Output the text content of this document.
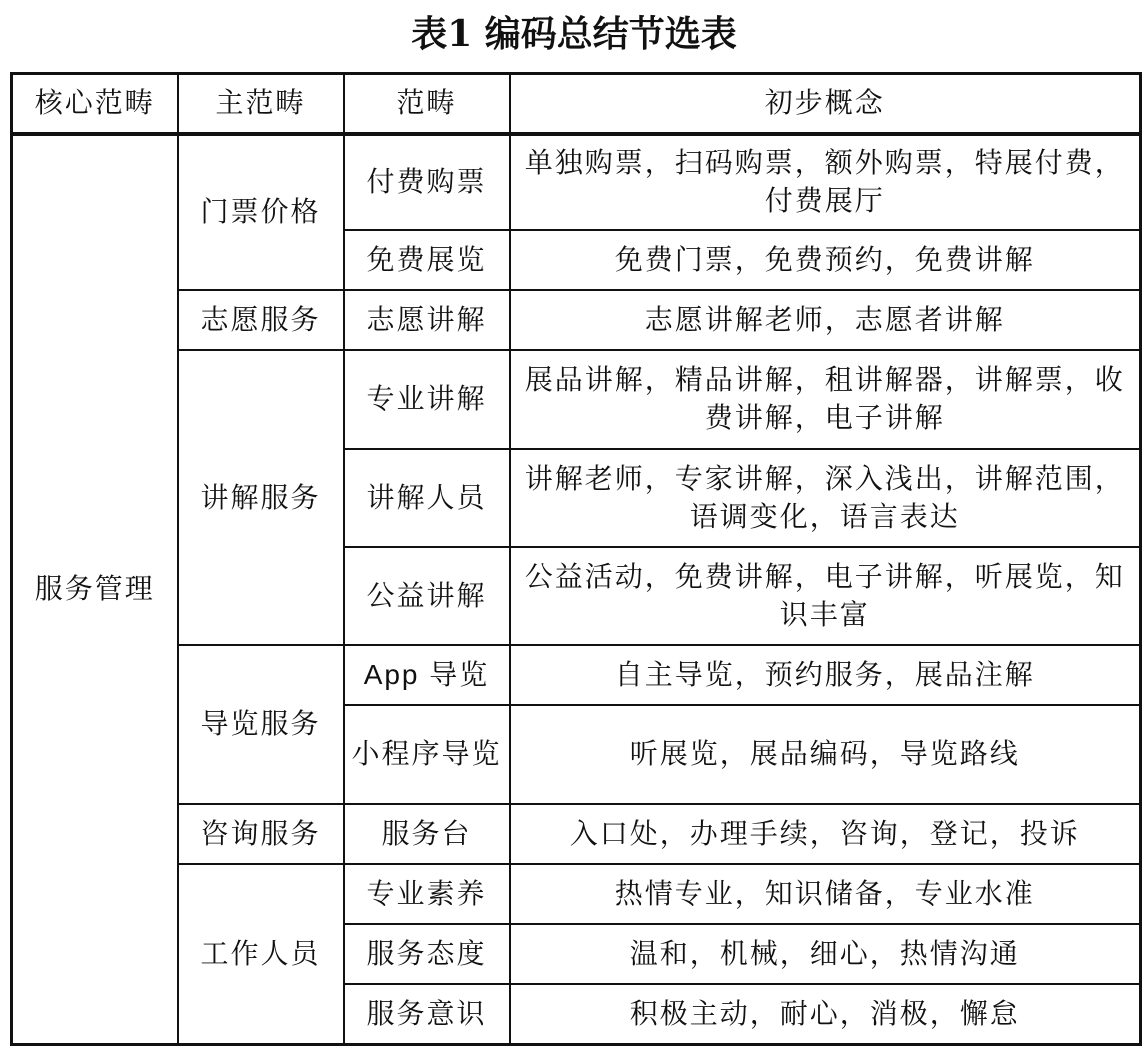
表1 编码总结节选表
核心范畴	主范畴	范畴	初步概念
服务管理	门票价格	付费购票	单独购票，扫码购票，额外购票，特展付费，付费展厅
		免费展览	免费门票，免费预约，免费讲解
	志愿服务	志愿讲解	志愿讲解老师，志愿者讲解
	讲解服务	专业讲解	展品讲解，精品讲解，租讲解器，讲解票，收费讲解，电子讲解
		讲解人员	讲解老师，专家讲解，深入浅出，讲解范围，语调变化，语言表达
		公益讲解	公益活动，免费讲解，电子讲解，听展览，知识丰富
	导览服务	App 导览	自主导览，预约服务，展品注解
		小程序导览	听展览，展品编码，导览路线
	咨询服务	服务台	入口处，办理手续，咨询，登记，投诉
	工作人员	专业素养	热情专业，知识储备，专业水准
		服务态度	温和，机械，细心，热情沟通
		服务意识	积极主动，耐心，消极，懈怠
